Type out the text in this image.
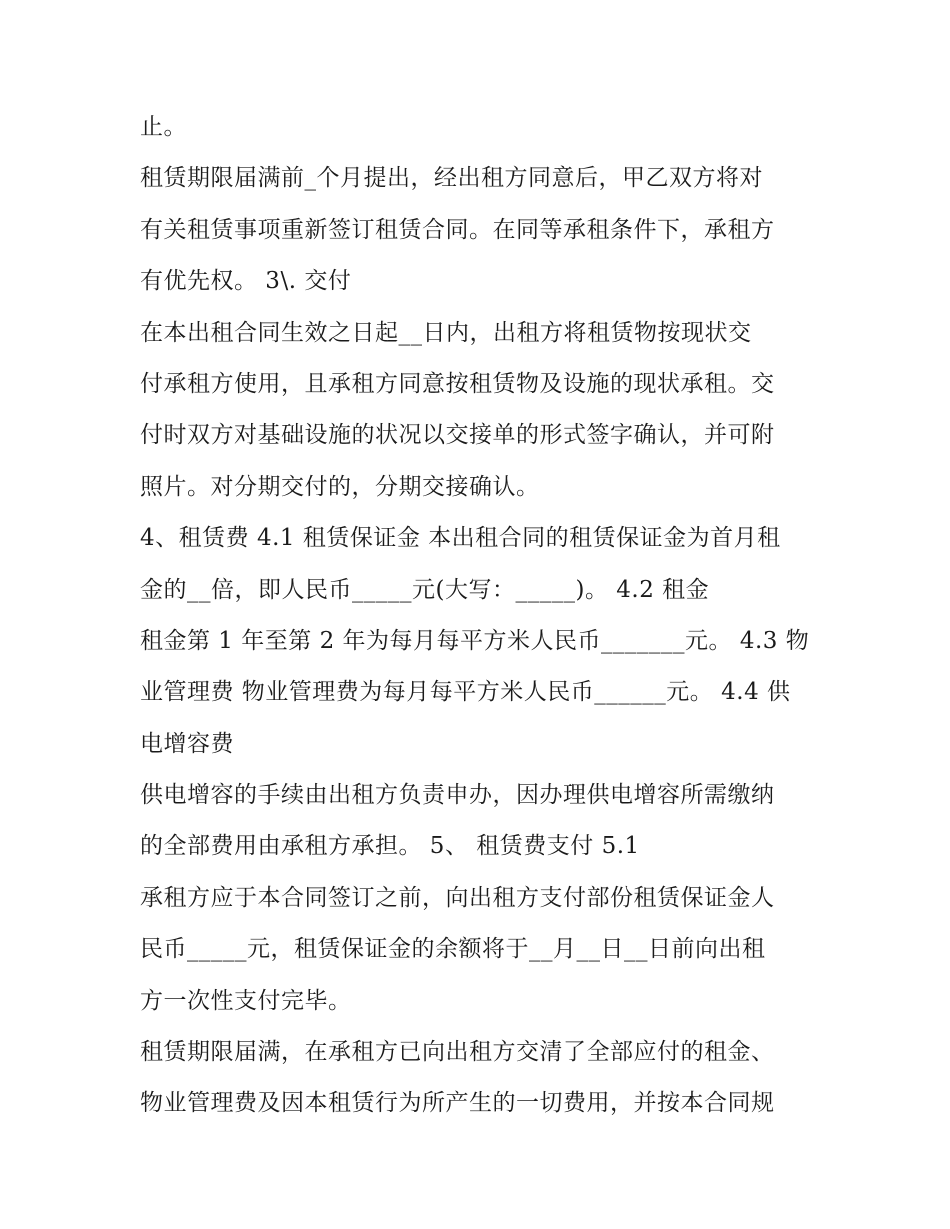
止。
租赁期限届满前_个月提出，经出租方同意后，甲乙双方将对
有关租赁事项重新签订租赁合同。在同等承租条件下，承租方
有优先权。 3\. 交付
在本出租合同生效之日起__日内，出租方将租赁物按现状交
付承租方使用，且承租方同意按租赁物及设施的现状承租。交
付时双方对基础设施的状况以交接单的形式签字确认，并可附
照片。对分期交付的，分期交接确认。
4、租赁费 4.1 租赁保证金 本出租合同的租赁保证金为首月租
金的__倍，即人民币_____元(大写：_____)。 4.2 租金
租金第 1 年至第 2 年为每月每平方米人民币_______元。 4.3 物
业管理费 物业管理费为每月每平方米人民币______元。 4.4 供
电增容费
供电增容的手续由出租方负责申办，因办理供电增容所需缴纳
的全部费用由承租方承担。 5、 租赁费支付 5.1
承租方应于本合同签订之前，向出租方支付部份租赁保证金人
民币_____元，租赁保证金的余额将于__月__日__日前向出租
方一次性支付完毕。
租赁期限届满，在承租方已向出租方交清了全部应付的租金、
物业管理费及因本租赁行为所产生的一切费用，并按本合同规
